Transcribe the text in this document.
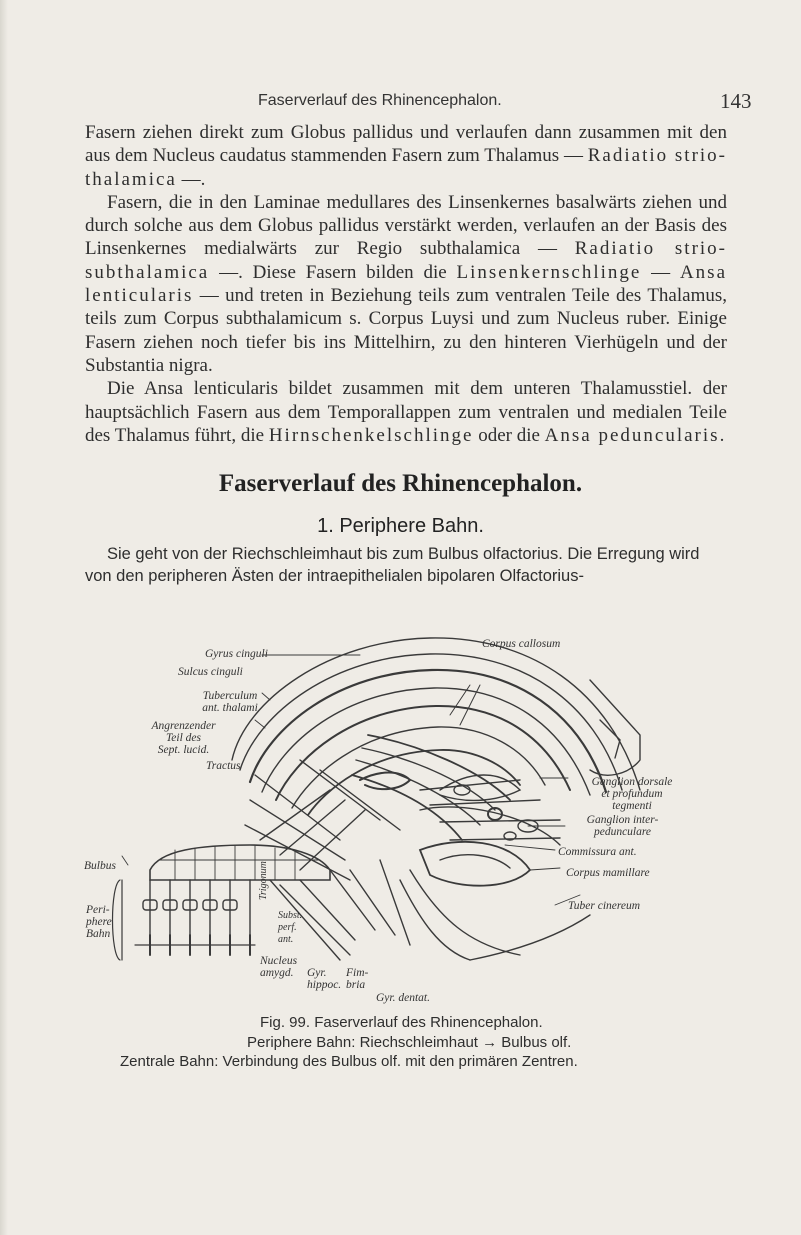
Faserverlauf des Rhinencephalon.	143

Fasern ziehen direkt zum Globus pallidus und verlaufen dann zusammen mit den aus dem Nucleus caudatus stammenden Fasern zum Thalamus — Radiatio strio-thalamica —.

Fasern, die in den Laminae medullares des Linsenkernes basalwärts ziehen und durch solche aus dem Globus pallidus verstärkt werden, verlaufen an der Basis des Linsenkernes medialwärts zur Regio subthalamica — Radiatio strio-subthalamica —. Diese Fasern bilden die Linsenkernschlinge — Ansa lenticularis — und treten in Beziehung teils zum ventralen Teile des Thalamus, teils zum Corpus subthalamicum s. Corpus Luysi und zum Nucleus ruber. Einige Fasern ziehen noch tiefer bis ins Mittelhirn, zu den hinteren Vierhügeln und der Substantia nigra.

Die Ansa lenticularis bildet zusammen mit dem unteren Thalamusstiel. der hauptsächlich Fasern aus dem Temporallappen zum ventralen und medialen Teile des Thalamus führt, die Hirnschenkelschlinge oder die Ansa peduncularis.

Faserverlauf des Rhinencephalon.
1. Periphere Bahn.

Sie geht von der Riechschleimhaut bis zum Bulbus olfactorius. Die Erregung wird von den peripheren Ästen der intraepithelialen bipolaren Olfactorius-

Corpus callosum
Gyrus cinguli
Sulcus cinguli
Tuberculum
ant. thalami
Angrenzender
Teil des
Sept. lucid.
Tractus
Bulbus
Peri-
phere
Bahn
Ganglion dorsale
et profundum
tegmenti
Ganglion inter-
pedunculare
Commissura ant.
Corpus mamillare
Tuber cinereum
Trigonum
Subst.
perf.
ant.
Nucleus
amygd.	Gyr.
hippoc.
Fim-
bria
Gyr. dentat.
Fig. 99. Faserverlauf des Rhinencephalon.
Periphere Bahn: Riechschleimhaut → Bulbus olf.
Zentrale Bahn: Verbindung des Bulbus olf. mit den primären Zentren.
